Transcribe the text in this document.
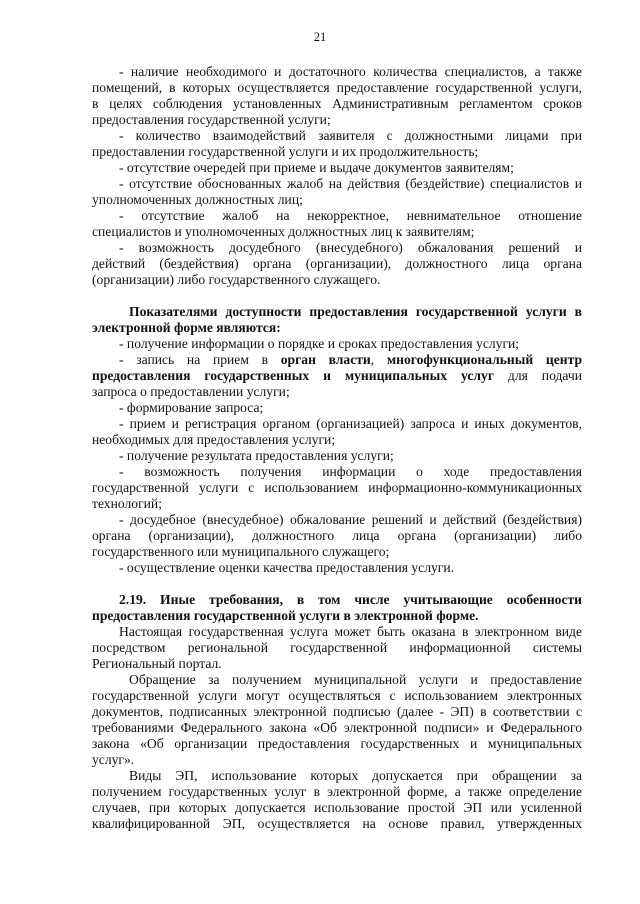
21
- наличие необходимого и достаточного количества специалистов, а также
помещений, в которых осуществляется предоставление государственной услуги,
в целях соблюдения установленных Административным регламентом сроков
предоставления государственной услуги;
- количество взаимодействий заявителя с должностными лицами при
предоставлении государственной услуги и их продолжительность;
- отсутствие очередей при приеме и выдаче документов заявителям;
- отсутствие обоснованных жалоб на действия (бездействие) специалистов и
уполномоченных должностных лиц;
- отсутствие жалоб на некорректное, невнимательное отношение
специалистов и уполномоченных должностных лиц к заявителям;
- возможность досудебного (внесудебного) обжалования решений и
действий (бездействия) органа (организации), должностного лица органа
(организации) либо государственного служащего.
Показателями доступности предоставления государственной услуги в
электронной форме являются:
- получение информации о порядке и сроках предоставления услуги;
- запись на прием в орган власти, многофункциональный центр
предоставления государственных и муниципальных услуг для подачи
запроса о предоставлении услуги;
- формирование запроса;
- прием и регистрация органом (организацией) запроса и иных документов,
необходимых для предоставления услуги;
- получение результата предоставления услуги;
- возможность получения информации о ходе предоставления
государственной услуги с использованием информационно-коммуникационных
технологий;
- досудебное (внесудебное) обжалование решений и действий (бездействия)
органа (организации), должностного лица органа (организации) либо
государственного или муниципального служащего;
- осуществление оценки качества предоставления услуги.
2.19. Иные требования, в том числе учитывающие особенности
предоставления государственной услуги в электронной форме.
Настоящая государственная услуга может быть оказана в электронном виде
посредством региональной государственной информационной системы
Региональный портал.
Обращение за получением муниципальной услуги и предоставление
государственной услуги могут осуществляться с использованием электронных
документов, подписанных электронной подписью (далее - ЭП) в соответствии с
требованиями Федерального закона «Об электронной подписи» и Федерального
закона «Об организации предоставления государственных и муниципальных
услуг».
Виды ЭП, использование которых допускается при обращении за
получением государственных услуг в электронной форме, а также определение
случаев, при которых допускается использование простой ЭП или усиленной
квалифицированной ЭП, осуществляется на основе правил, утвержденных
